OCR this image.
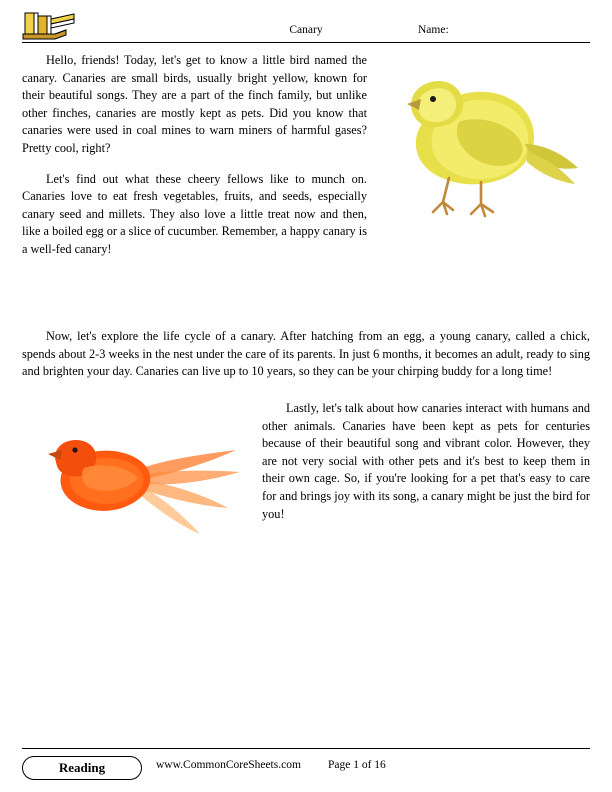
Canary	Name:

Hello, friends! Today, let's get to know a little bird named the canary. Canaries are small birds, usually bright yellow, known for their beautiful songs. They are a part of the finch family, but unlike other finches, canaries are mostly kept as pets. Did you know that canaries were used in coal mines to warn miners of harmful gases? Pretty cool, right?

Let's find out what these cheery fellows like to munch on. Canaries love to eat fresh vegetables, fruits, and seeds, especially canary seed and millets. They also love a little treat now and then, like a boiled egg or a slice of cucumber. Remember, a happy canary is a well-fed canary!

Now, let's explore the life cycle of a canary. After hatching from an egg, a young canary, called a chick, spends about 2-3 weeks in the nest under the care of its parents. In just 6 months, it becomes an adult, ready to sing and brighten your day. Canaries can live up to 10 years, so they can be your chirping buddy for a long time!

Lastly, let's talk about how canaries interact with humans and other animals. Canaries have been kept as pets for centuries because of their beautiful song and vibrant color. However, they are not very social with other pets and it's best to keep them in their own cage. So, if you're looking for a pet that's easy to care for and brings joy with its song, a canary might be just the bird for you!

Reading	www.CommonCoreSheets.com Page 1 of 16
